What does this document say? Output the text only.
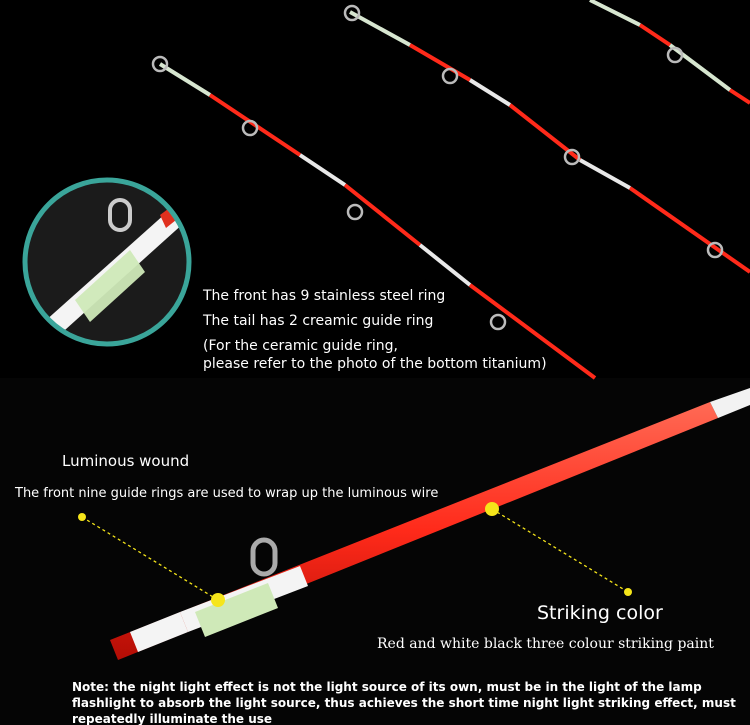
The front has 9 stainless steel ring
The tail has 2 creamic guide ring
(For the ceramic guide ring,
please refer to the photo of the bottom titanium)
Luminous wound
The front nine guide rings are used to wrap up the luminous wire
Striking color
Red and white black three colour striking paint
Note: the night light effect is not the light source of its own, must be in the light of the lamp flashlight to absorb the light source, thus achieves the short time night light striking effect, must repeatedly illuminate the use
